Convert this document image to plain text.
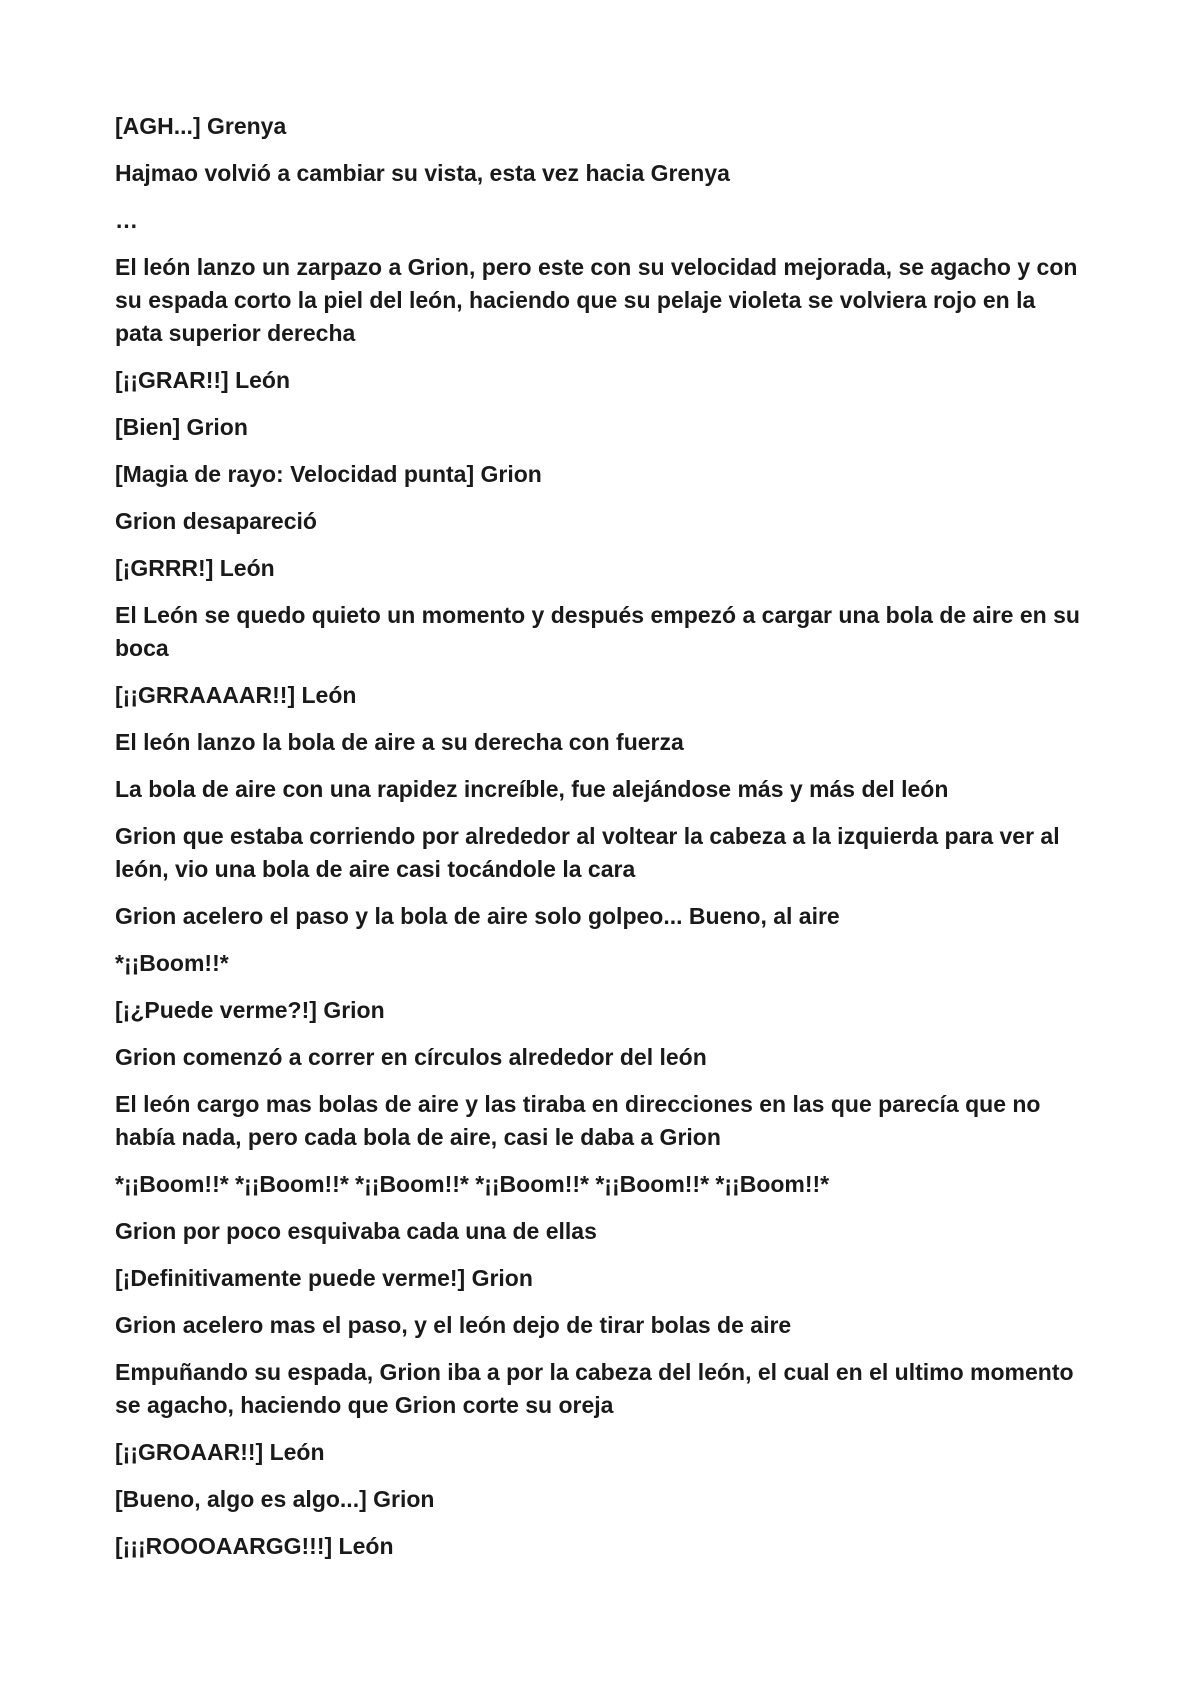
[AGH...] Grenya

Hajmao volvió a cambiar su vista, esta vez hacia Grenya

…

El león lanzo un zarpazo a Grion, pero este con su velocidad mejorada, se agacho y con su espada corto la piel del león, haciendo que su pelaje violeta se volviera rojo en la pata superior derecha

[¡¡GRAR!!] León

[Bien] Grion

[Magia de rayo: Velocidad punta] Grion

Grion desapareció

[¡GRRR!] León

El León se quedo quieto un momento y después empezó a cargar una bola de aire en su boca

[¡¡GRRAAAAR!!] León

El león lanzo la bola de aire a su derecha con fuerza

La bola de aire con una rapidez increíble, fue alejándose más y más del león

Grion que estaba corriendo por alrededor al voltear la cabeza a la izquierda para ver al león, vio una bola de aire casi tocándole la cara

Grion acelero el paso y la bola de aire solo golpeo... Bueno, al aire

*¡¡Boom!!*

[¡¿Puede verme?!] Grion

Grion comenzó a correr en círculos alrededor del león

El león cargo mas bolas de aire y las tiraba en direcciones en las que parecía que no había nada, pero cada bola de aire, casi le daba a Grion

*¡¡Boom!!* *¡¡Boom!!* *¡¡Boom!!* *¡¡Boom!!* *¡¡Boom!!* *¡¡Boom!!*

Grion por poco esquivaba cada una de ellas

[¡Definitivamente puede verme!] Grion

Grion acelero mas el paso, y el león dejo de tirar bolas de aire

Empuñando su espada, Grion iba a por la cabeza del león, el cual en el ultimo momento se agacho, haciendo que Grion corte su oreja

[¡¡GROAAR!!] León

[Bueno, algo es algo...] Grion

[¡¡¡ROOOAARGG!!!] León
